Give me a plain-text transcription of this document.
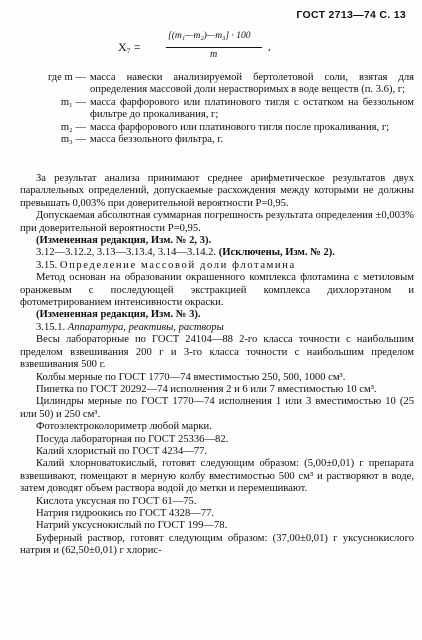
ГОСТ 2713—74 С. 13
X₇ =
[(m₁—m₂)—m₃] · 100
m
,
где m — масса навески анализируемой бертолетовой соли, взятая для определения массовой доли нерастворимых в воде веществ (п. 3.6), г;
m₁ — масса фарфорового или платинового тигля с остатком на беззольном фильтре до прокаливания, г;
m₂ — масса фарфорового или платинового тигля после прокаливания, г;
m₃ — масса беззольного фильтра, г.

За результат анализа принимают среднее арифметическое результатов двух параллельных определений, допускаемые расхождения между которыми не должны превышать 0,003% при доверительной вероятности P=0,95.

Допускаемая абсолютная суммарная погрешность результата определения ±0,003% при доверительной вероятности P=0,95.

(Измененная редакция, Изм. № 2, 3).

3.12—3.12.2, 3.13—3.13.4, 3.14—3.14.2. (Исключены, Изм. № 2).

3.15. Определение массовой доли флотамина

Метод основан на образовании окрашенного комплекса флотамина с метиловым оранжевым с последующей экстракцией комплекса дихлорэтаном и фотометрированием интенсивности окраски.

(Измененная редакция, Изм. № 3).

3.15.1. Аппаратура, реактивы, растворы

Весы лабораторные по ГОСТ 24104—88 2-го класса точности с наибольшим пределом взвешивания 200 г и 3-го класса точности с наибольшим пределом взвешивания 500 г.

Колбы мерные по ГОСТ 1770—74 вместимостью 250, 500, 1000 см³.

Пипетка по ГОСТ 20292—74 исполнения 2 и 6 или 7 вместимостью 10 см³.

Цилиндры мерные по ГОСТ 1770—74 исполнения 1 или 3 вместимостью 10 (25 или 50) и 250 см³.

Фотоэлектроколориметр любой марки.

Посуда лабораторная по ГОСТ 25336—82.

Калий хлористый по ГОСТ 4234—77.

Калий хлорноватокислый, готовят следующим образом: (5,00±0,01) г препарата взвешивают, помещают в мерную колбу вместимостью 500 см³ и растворяют в воде, затем доводят объем раствора водой до метки и перемешивают.

Кислота уксусная по ГОСТ 61—75.

Натрия гидроокись по ГОСТ 4328—77.

Натрий уксуснокислый по ГОСТ 199—78.

Буферный раствор, готовят следующим образом: (37,00±0,01) г уксуснокислого натрия и (62,50±0,01) г хлорис-
